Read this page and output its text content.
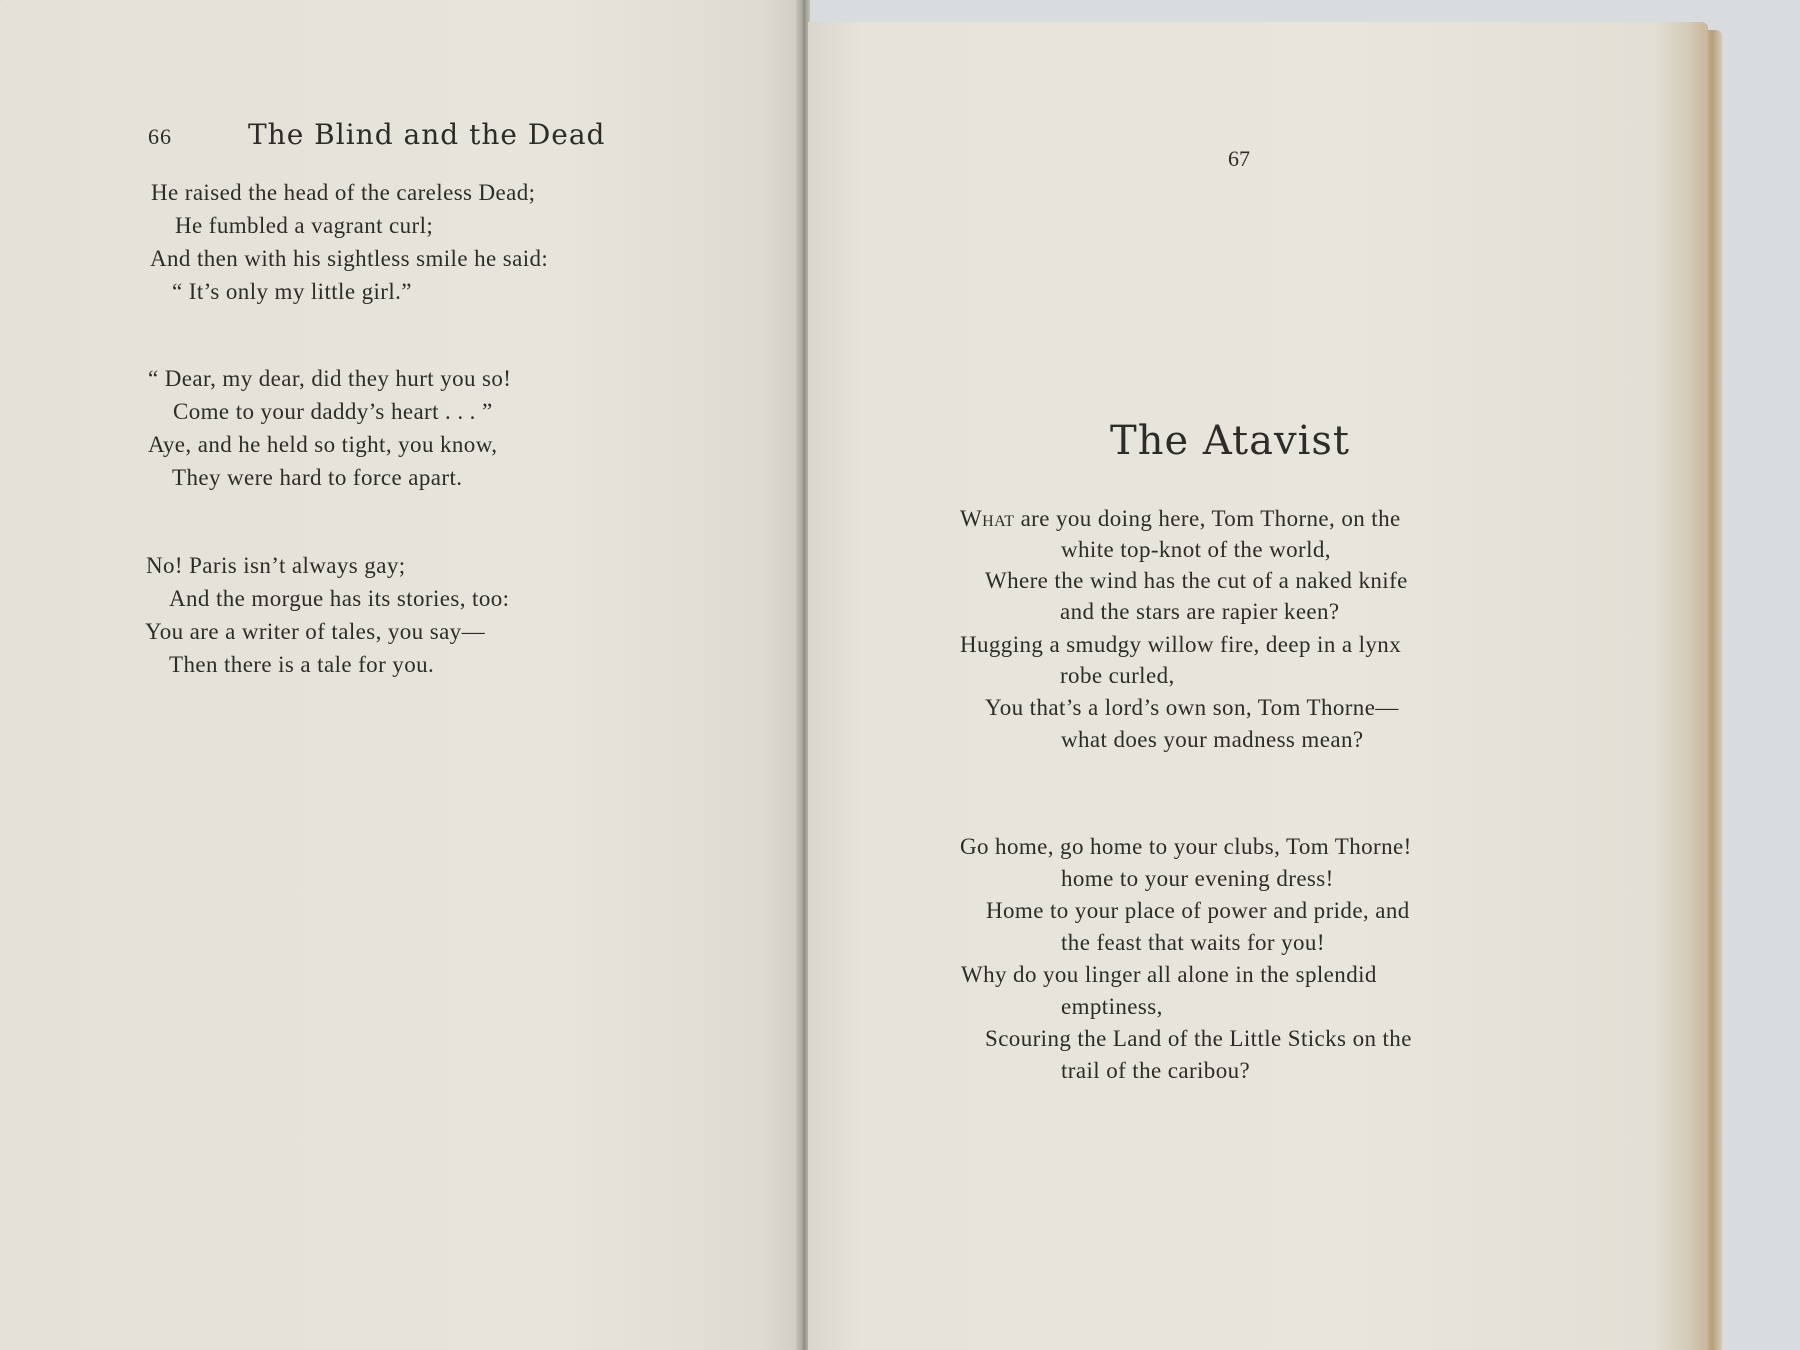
66	The Blind and the Dead
He raised the head of the careless Dead;
He fumbled a vagrant curl;
And then with his sightless smile he said:
“ It’s only my little girl.”
“ Dear, my dear, did they hurt you so!
Come to your daddy’s heart . . . ”
Aye, and he held so tight, you know,
They were hard to force apart.
No! Paris isn’t always gay;
And the morgue has its stories, too:
You are a writer of tales, you say—
Then there is a tale for you.
67
The Atavist
What are you doing here, Tom Thorne, on the
white top-knot of the world,
Where the wind has the cut of a naked knife
and the stars are rapier keen?
Hugging a smudgy willow fire, deep in a lynx
robe curled,
You that’s a lord’s own son, Tom Thorne—
what does your madness mean?
Go home, go home to your clubs, Tom Thorne!
home to your evening dress!
Home to your place of power and pride, and
the feast that waits for you!
Why do you linger all alone in the splendid
emptiness,
Scouring the Land of the Little Sticks on the
trail of the caribou?
